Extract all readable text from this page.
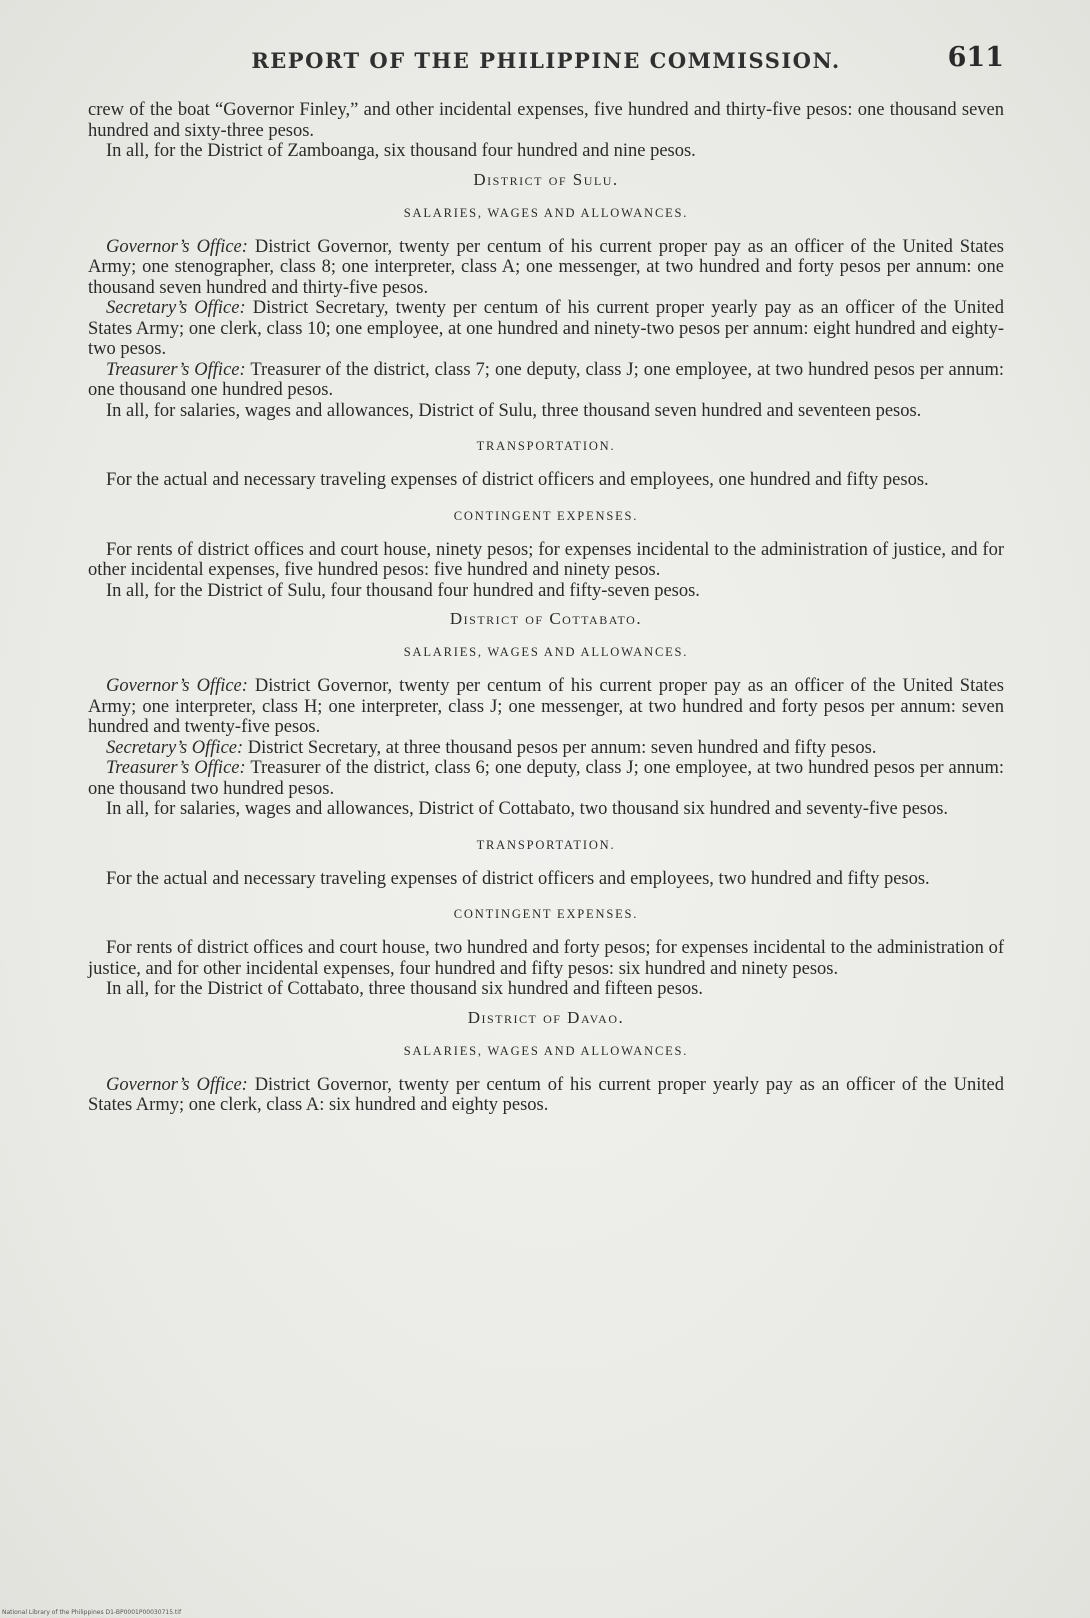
REPORT OF THE PHILIPPINE COMMISSION.	611

crew of the boat “Governor Finley,” and other incidental expenses, five hundred and thirty-five pesos: one thousand seven hundred and sixty-three pesos.

In all, for the District of Zamboanga, six thousand four hundred and nine pesos.

District of Sulu.
SALARIES, WAGES AND ALLOWANCES.

Governor’s Office: District Governor, twenty per centum of his current proper pay as an officer of the United States Army; one stenographer, class 8; one interpreter, class A; one messenger, at two hundred and forty pesos per annum: one thousand seven hundred and thirty-five pesos.

Secretary’s Office: District Secretary, twenty per centum of his current proper yearly pay as an officer of the United States Army; one clerk, class 10; one employee, at one hundred and ninety-two pesos per annum: eight hundred and eighty-two pesos.

Treasurer’s Office: Treasurer of the district, class 7; one deputy, class J; one employee, at two hundred pesos per annum: one thousand one hundred pesos.

In all, for salaries, wages and allowances, District of Sulu, three thousand seven hundred and seventeen pesos.

TRANSPORTATION.

For the actual and necessary traveling expenses of district officers and employees, one hundred and fifty pesos.

CONTINGENT EXPENSES.

For rents of district offices and court house, ninety pesos; for expenses incidental to the administration of justice, and for other incidental expenses, five hundred pesos: five hundred and ninety pesos.

In all, for the District of Sulu, four thousand four hundred and fifty-seven pesos.

District of Cottabato.
SALARIES, WAGES AND ALLOWANCES.

Governor’s Office: District Governor, twenty per centum of his current proper pay as an officer of the United States Army; one interpreter, class H; one interpreter, class J; one messenger, at two hundred and forty pesos per annum: seven hundred and twenty-five pesos.

Secretary’s Office: District Secretary, at three thousand pesos per annum: seven hundred and fifty pesos.

Treasurer’s Office: Treasurer of the district, class 6; one deputy, class J; one employee, at two hundred pesos per annum: one thousand two hundred pesos.

In all, for salaries, wages and allowances, District of Cottabato, two thousand six hundred and seventy-five pesos.

TRANSPORTATION.

For the actual and necessary traveling expenses of district officers and employees, two hundred and fifty pesos.

CONTINGENT EXPENSES.

For rents of district offices and court house, two hundred and forty pesos; for expenses incidental to the administration of justice, and for other incidental expenses, four hundred and fifty pesos: six hundred and ninety pesos.

In all, for the District of Cottabato, three thousand six hundred and fifteen pesos.

District of Davao.
SALARIES, WAGES AND ALLOWANCES.

Governor’s Office: District Governor, twenty per centum of his current proper yearly pay as an officer of the United States Army; one clerk, class A: six hundred and eighty pesos.

National Library of the Philippines D1-BP0001P00030715.tif
